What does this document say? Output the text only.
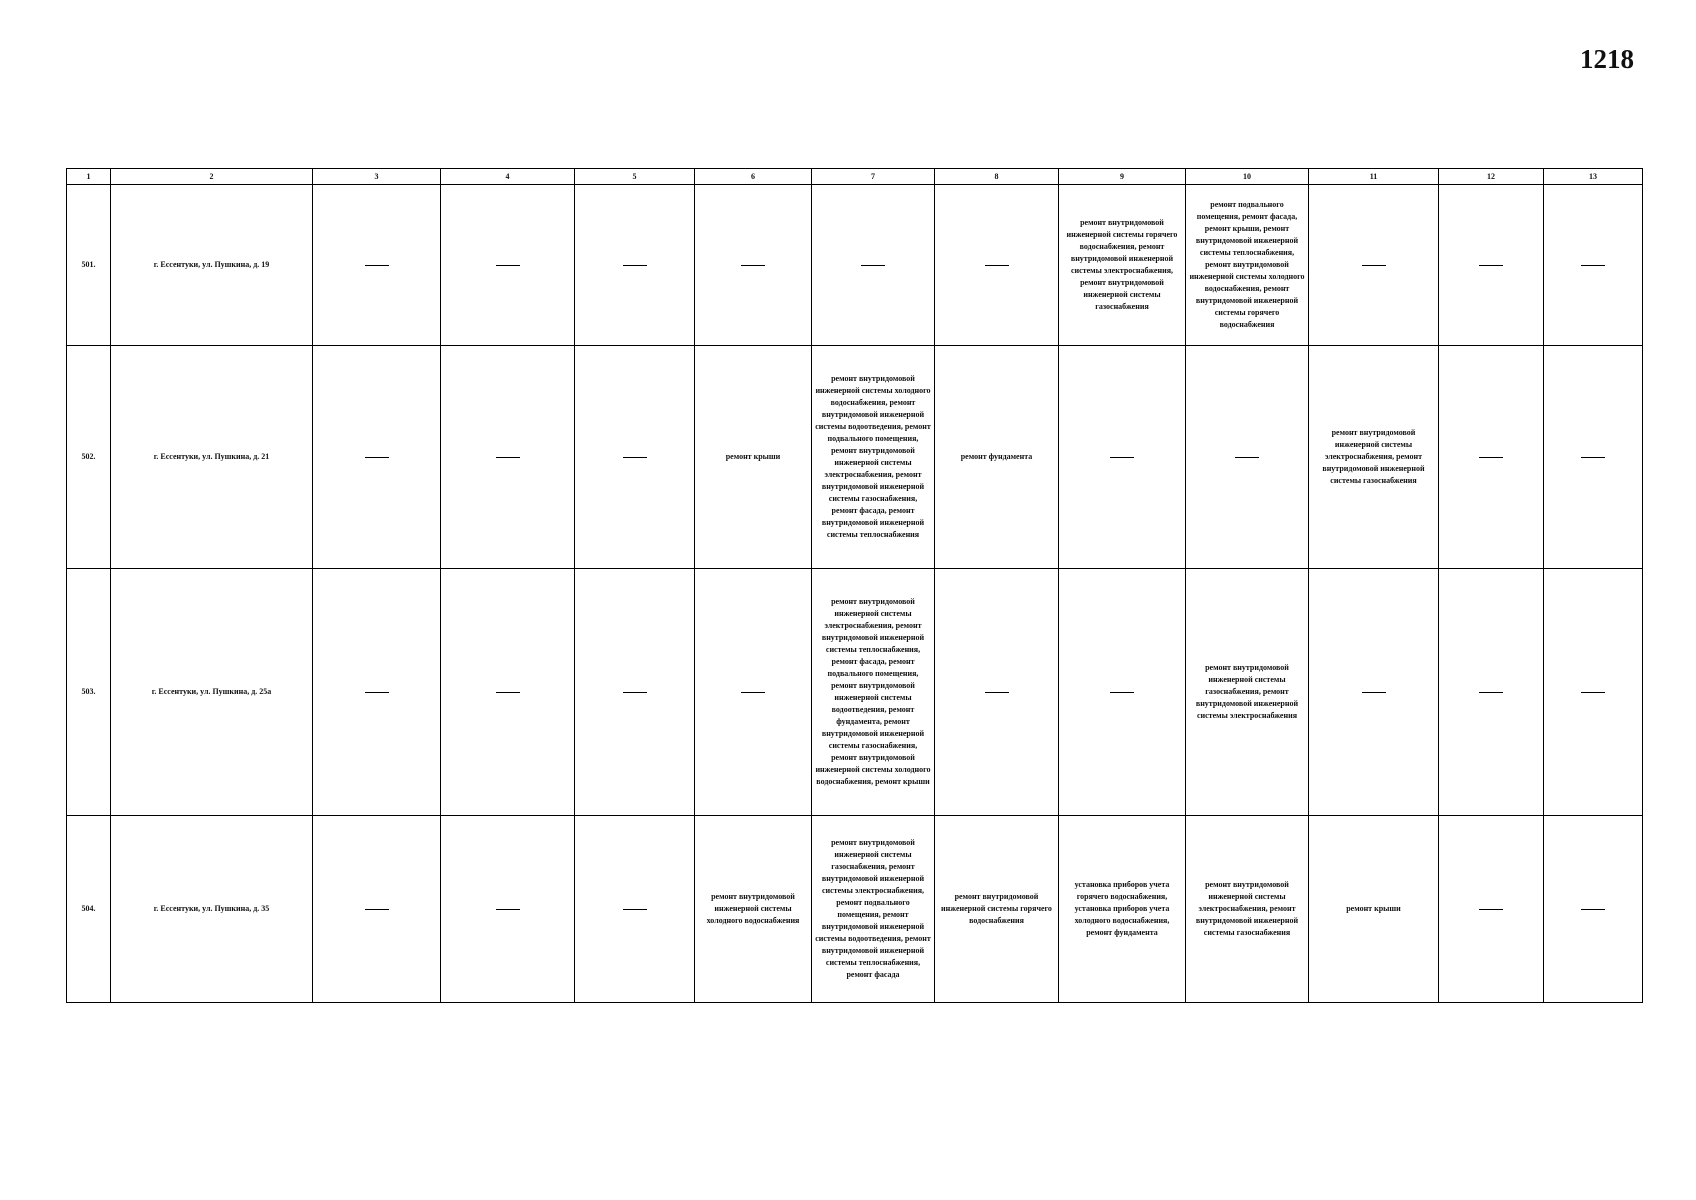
1218
1	2	3	4	5	6	7	8	9	10	11	12	13
501.	г. Ессентуки, ул. Пушкина, д. 19							ремонт внутридомовой инженерной системы горячего водоснабжения, ремонт внутридомовой инженерной системы электроснабжения, ремонт внутридомовой инженерной системы газоснабжения	ремонт подвального помещения, ремонт фасада, ремонт крыши, ремонт внутридомовой инженерной системы теплоснабжения, ремонт внутридомовой инженерной системы холодного водоснабжения, ремонт внутридомовой инженерной системы горячего водоснабжения			
502.	г. Ессентуки, ул. Пушкина, д. 21				ремонт крыши	ремонт внутридомовой инженерной системы холодного водоснабжения, ремонт внутридомовой инженерной системы водоотведения, ремонт подвального помещения, ремонт внутридомовой инженерной системы электроснабжения, ремонт внутридомовой инженерной системы газоснабжения, ремонт фасада, ремонт внутридомовой инженерной системы теплоснабжения	ремонт фундамента			ремонт внутридомовой инженерной системы электроснабжения, ремонт внутридомовой инженерной системы газоснабжения		
503.	г. Ессентуки, ул. Пушкина, д. 25а					ремонт внутридомовой инженерной системы электроснабжения, ремонт внутридомовой инженерной системы теплоснабжения, ремонт фасада, ремонт подвального помещения, ремонт внутридомовой инженерной системы водоотведения, ремонт фундамента, ремонт внутридомовой инженерной системы газоснабжения, ремонт внутридомовой инженерной системы холодного водоснабжения, ремонт крыши			ремонт внутридомовой инженерной системы газоснабжения, ремонт внутридомовой инженерной системы электроснабжения			
504.	г. Ессентуки, ул. Пушкина, д. 35				ремонт внутридомовой инженерной системы холодного водоснабжения	ремонт внутридомовой инженерной системы газоснабжения, ремонт внутридомовой инженерной системы электроснабжения, ремонт подвального помещения, ремонт внутридомовой инженерной системы водоотведения, ремонт внутридомовой инженерной системы теплоснабжения, ремонт фасада	ремонт внутридомовой инженерной системы горячего водоснабжения	установка приборов учета горячего водоснабжения, установка приборов учета холодного водоснабжения, ремонт фундамента	ремонт внутридомовой инженерной системы электроснабжения, ремонт внутридомовой инженерной системы газоснабжения	ремонт крыши		
